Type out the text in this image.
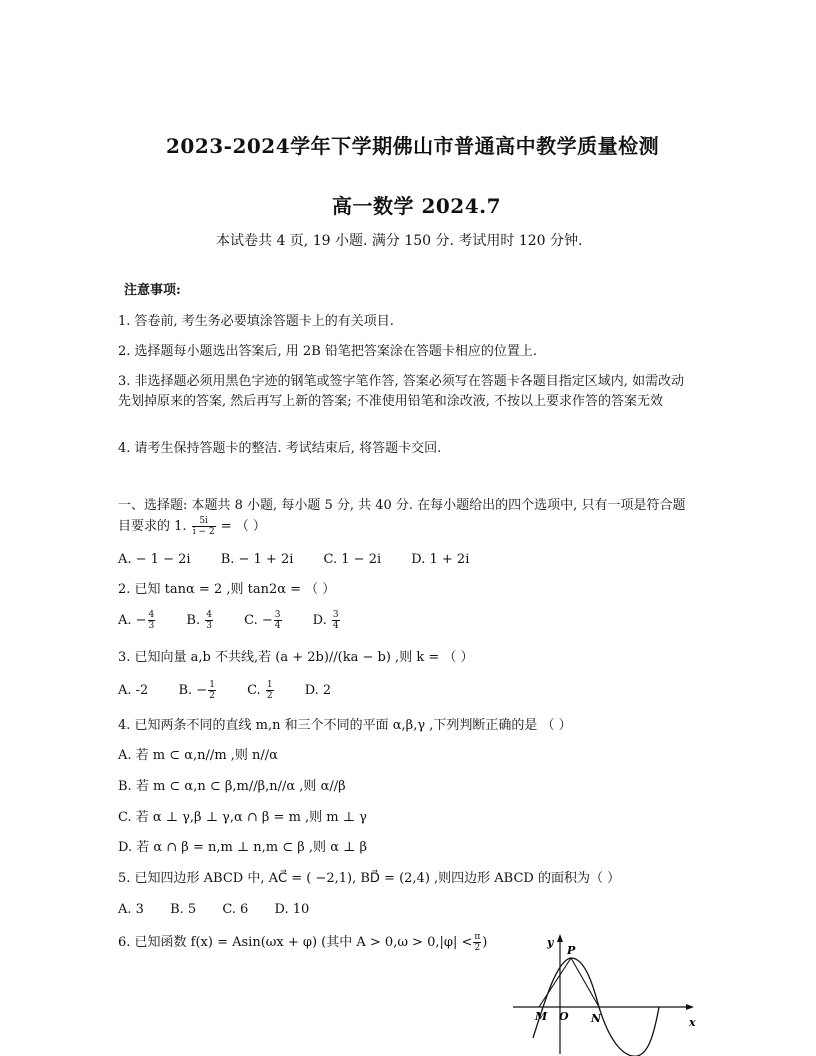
2023-2024学年下学期佛山市普通高中教学质量检测
高一数学 2024.7
本试卷共 4 页, 19 小题. 满分 150 分. 考试用时 120 分钟.
注意事项:
1. 答卷前, 考生务必要填涂答题卡上的有关项目.
2. 选择题每小题选出答案后, 用 2B 铅笔把答案涂在答题卡相应的位置上.
3. 非选择题必须用黑色字迹的钢笔或签字笔作答, 答案必须写在答题卡各题目指定区域内, 如需改动先划掉原来的答案, 然后再写上新的答案; 不准使用铅笔和涂改液, 不按以上要求作答的答案无效
4. 请考生保持答题卡的整洁. 考试结束后, 将答题卡交回.
一、选择题: 本题共 8 小题, 每小题 5 分, 共 40 分. 在每小题给出的四个选项中, 只有一项是符合题目要求的 1. $\frac{5i}{i - 2}$ = （ ）
A. − 1 − 2i B. − 1 + 2i C. 1 − 2i D. 1 + 2i
2. 已知 tanα = 2 ,则 tan2α = （ ）
A. − $\frac{4}{3} B$. $\frac{4}{3} C$. − $\frac{3}{4} D$. $\frac{3}{4}$
3. 已知向量 a,b 不共线,若 (a + 2b)//(ka − b) ,则 k = （ ）
A. -2 B. − $\frac{1}{2} C$. $\frac{1}{2} D$. 2
4. 已知两条不同的直线 m,n 和三个不同的平面 α,β,γ ,下列判断正确的是 （ ）
A. 若 m ⊂ α,n//m ,则 n//α
B. 若 m ⊂ α,n ⊂ β,m//β,n//α ,则 α//β
C. 若 α ⊥ γ,β ⊥ γ,α ∩ β = m ,则 m ⊥ γ
D. 若 α ∩ β = n,m ⊥ n,m ⊂ β ,则 α ⊥ β
5. 已知四边形 ABCD 中, AC⃗ = ( −2,1), BD⃗ = (2,4) ,则四边形 ABCD 的面积为（ ）
A. 3 B. 5 C. 6 D. 10
6. 已知函数 f(x) = Asin(ωx + φ) (其中 $A > 0,\omega > 0,|\varphi| < \frac{\pi}{2}$ )	y
P
M O N	x
